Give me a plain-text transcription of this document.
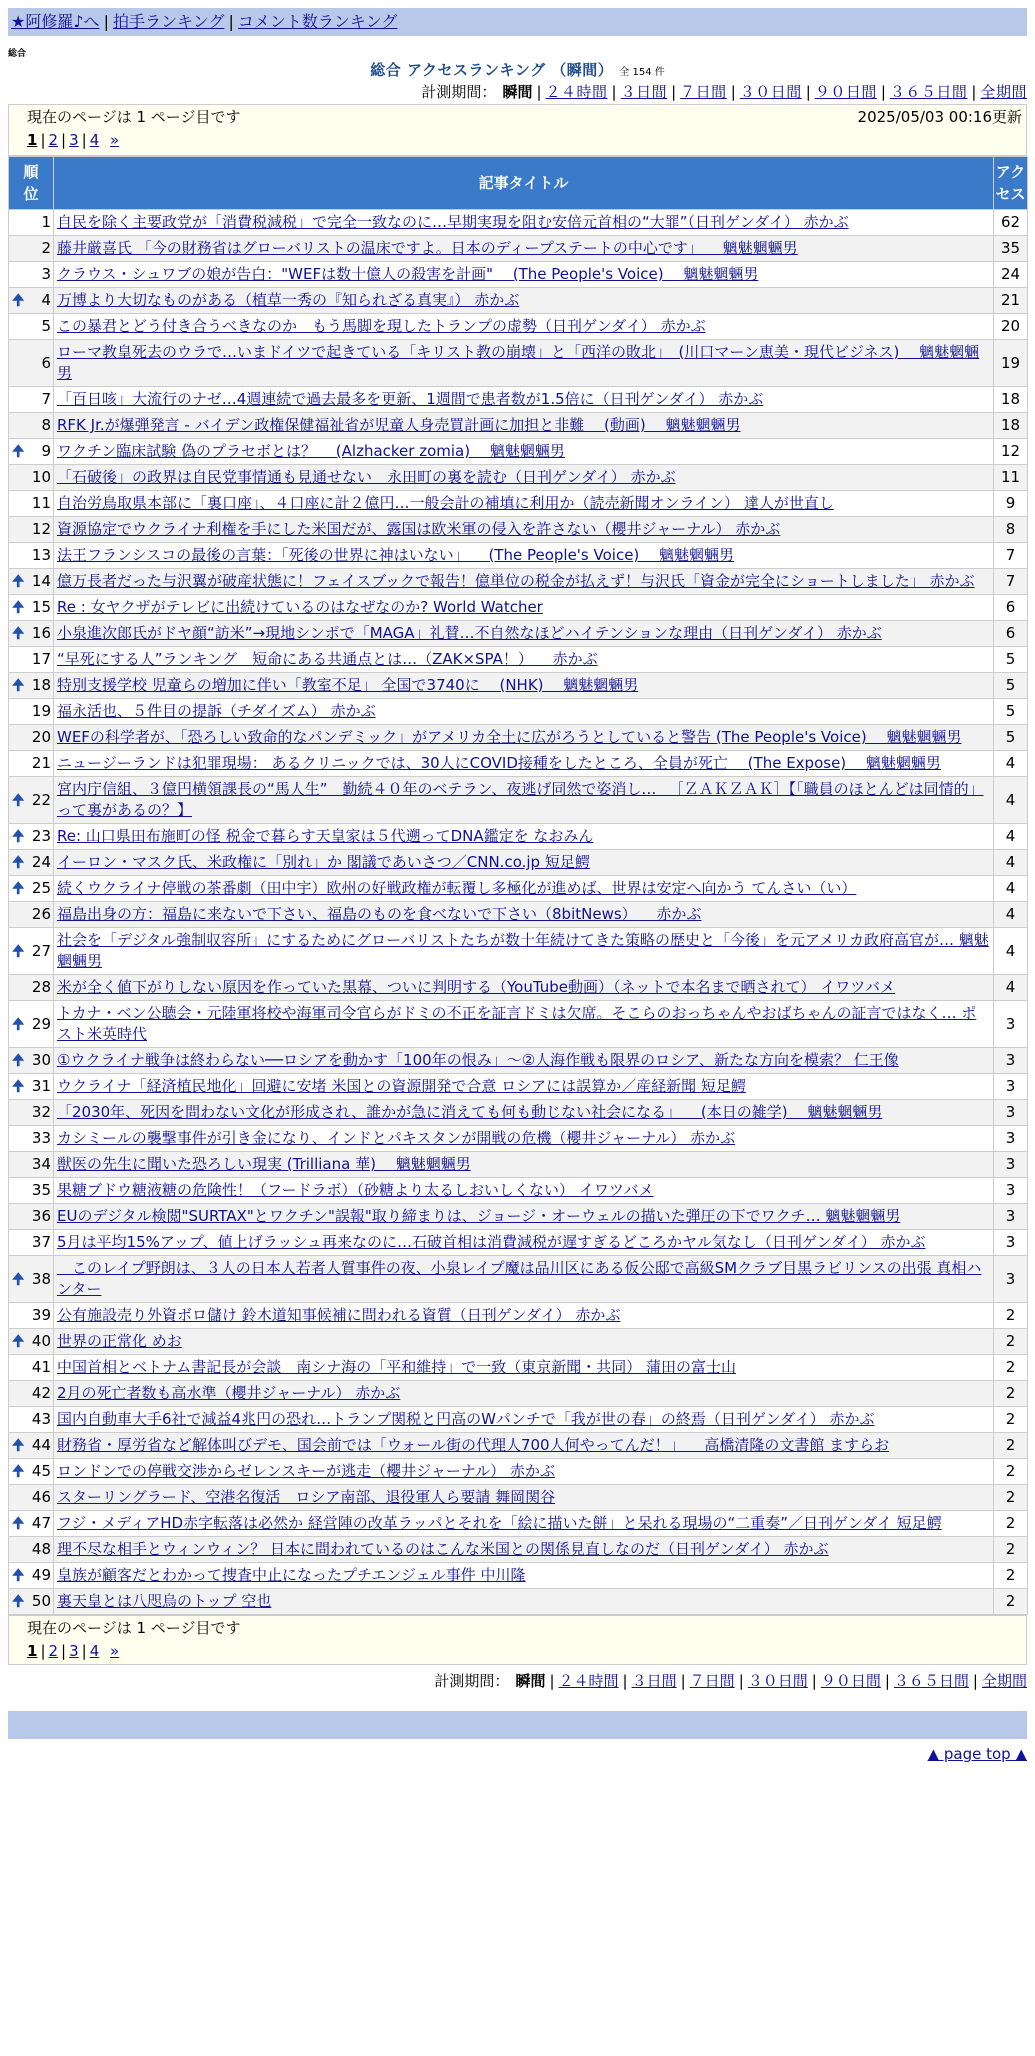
★阿修羅♪へ | 拍手ランキング | コメント数ランキング
総合
総合 アクセスランキング （瞬間） 全 154 件
計測期間： 瞬間 | ２４時間 | ３日間 | ７日間 | ３０日間 | ９０日間 | ３６５日間 | 全期間
現在のページは 1 ページ目です	2025/05/03 00:16更新
1 | 2 | 3 | 4 »
順位	記事タイトル	アクセス
1	自民を除く主要政党が「消費税減税」で完全一致なのに…早期実現を阻む安倍元首相の“大罪”（日刊ゲンダイ） 赤かぶ	62
2	藤井厳喜氏 「今の財務省はグローバリストの温床ですよ。日本のディープステートの中心です」 　魑魅魍魎男	35
3	クラウス・シュワブの娘が告白："WEFは数十億人の殺害を計画" 　(The People's Voice) 　魑魅魍魎男	24

🠉 4	万博より大切なものがある（植草一秀の『知られざる真実』） 赤かぶ	21
5	この暴君とどう付き合うべきなのか　もう馬脚を現したトランプの虚勢（日刊ゲンダイ） 赤かぶ	20
6	ローマ教皇死去のウラで…いまドイツで起きている「キリスト教の崩壊」と「西洋の敗北」　(川口マーン恵美・現代ビジネス) 　魑魅魍魎男	19
7	「百日咳」大流行のナゼ…4週連続で過去最多を更新、1週間で患者数が1.5倍に（日刊ゲンダイ） 赤かぶ	18
8	RFK Jr.が爆弾発言 - バイデン政権保健福祉省が児童人身売買計画に加担と非難 　(動画) 　魑魅魍魎男	18

🠉 9	ワクチン臨床試験 偽のプラセボとは？ 　(Alzhacker zomia) 　魑魅魍魎男	12
10	「石破後」の政界は自民党事情通も見通せない　永田町の裏を読む（日刊ゲンダイ） 赤かぶ	11
11	自治労鳥取県本部に「裏口座」、４口座に計２億円…一般会計の補填に利用か（読売新聞オンライン） 達人が世直し	9
12	資源協定でウクライナ利権を手にした米国だが、露国は欧米軍の侵入を許さない（櫻井ジャーナル） 赤かぶ	8
13	法王フランシスコの最後の言葉：「死後の世界に神はいない」 　(The People's Voice) 　魑魅魍魎男	7

🠉 14	億万長者だった与沢翼が破産状態に！フェイスブックで報告！億単位の税金が払えず！与沢氏「資金が完全にショートしました」 赤かぶ	7

🠉 15	Re : 女ヤクザがテレビに出続けているのはなぜなのか? World Watcher	6

🠉 16	小泉進次郎氏がドヤ顔“訪米”→現地シンポで「MAGA」礼賛…不自然なほどハイテンションな理由（日刊ゲンダイ） 赤かぶ	6
17	“早死にする人”ランキング　短命にある共通点とは…（ZAK×SPA！） 　赤かぶ	5

🠉 18	特別支援学校 児童らの増加に伴い「教室不足」 全国で3740に 　(NHK) 　魑魅魍魎男	5
19	福永活也、５件目の提訴（チダイズム） 赤かぶ	5
20	WEFの科学者が、「恐ろしい致命的なパンデミック」がアメリカ全土に広がろうとしていると警告 (The People's Voice) 　魑魅魍魎男	5
21	ニュージーランドは犯罪現場： あるクリニックでは、30人にCOVID接種をしたところ、全員が死亡 　(The Expose) 　魑魅魍魎男	4

🠉 22	宮内庁信組、３億円横領課長の“馬人生”　勤続４０年のベテラン、夜逃げ同然で姿消し… 　［ＺＡＫＺＡＫ］【「職員のほとんどは同情的」って裏があるの？】	4

🠉 23	Re: 山口県田布施町の怪 税金で暮らす天皇家は５代遡ってDNA鑑定を なおみん	4

🠉 24	イーロン・マスク氏、米政権に「別れ」か 閣議であいさつ／CNN.co.jp 短足鰐	4

🠉 25	続くウクライナ停戦の茶番劇（田中宇）欧州の好戦政権が転覆し多極化が進めば、世界は安定へ向かう てんさい（い）	4
26	福島出身の方：福島に来ないで下さい、福島のものを食べないで下さい（8bitNews） 　赤かぶ	4

🠉 27	社会を「デジタル強制収容所」にするためにグローバリストたちが数十年続けてきた策略の歴史と「今後」を元アメリカ政府高官が… 魑魅魍魎男	4
28	米が全く値下がりしない原因を作っていた黒幕、ついに判明する（YouTube動画）（ネットで本名まで晒されて） イワツバメ	4

🠉 29	トカナ・ベン公聴会・元陸軍将校や海軍司令官らがドミの不正を証言ドミは欠席。そこらのおっちゃんやおばちゃんの証言ではなく… ポスト米英時代	3

🠉 30	①ウクライナ戦争は終わらない──ロシアを動かす「100年の恨み」～②人海作戦も限界のロシア、新たな方向を模索？ 仁王像	3

🠉 31	ウクライナ「経済植民地化」回避に安堵 米国との資源開発で合意 ロシアには誤算か／産経新聞 短足鰐	3
32	「2030年、死因を問わない文化が形成され、誰かが急に消えても何も動じない社会になる」 　(本日の雑学) 　魑魅魍魎男	3
33	カシミールの襲撃事件が引き金になり、インドとパキスタンが開戦の危機（櫻井ジャーナル） 赤かぶ	3
34	獣医の先生に聞いた恐ろしい現実 (Trilliana 華) 　魑魅魍魎男	3
35	果糖ブドウ糖液糖の危険性！（フードラボ）（砂糖より太るしおいしくない） イワツバメ	3
36	EUのデジタル検閲"SURTAX"とワクチン"誤報"取り締まりは、ジョージ・オーウェルの描いた弾圧の下でワクチ… 魑魅魍魎男	3
37	5月は平均15%アップ、値上げラッシュ再来なのに…石破首相は消費減税が遅すぎるどころかヤル気なし（日刊ゲンダイ） 赤かぶ	3

🠉 38	　このレイプ野朗は、３人の日本人若者人質事件の夜、小泉レイプ魔は品川区にある仮公邸で高級SMクラブ目黒ラビリンスの出張 真相ハンター	3
39	公有施設売り外資ボロ儲け 鈴木道知事候補に問われる資質（日刊ゲンダイ） 赤かぶ	2

🠉 40	世界の正常化 めお	2
41	中国首相とベトナム書記長が会談　南シナ海の「平和維持」で一致（東京新聞・共同） 蒲田の富士山	2
42	2月の死亡者数も高水準（櫻井ジャーナル） 赤かぶ	2
43	国内自動車大手6社で減益4兆円の恐れ…トランプ関税と円高のWパンチで「我が世の春」の終焉（日刊ゲンダイ） 赤かぶ	2

🠉 44	財務省・厚労省など解体叫びデモ、国会前では「ウォール街の代理人700人何やってんだ！」 　高橋清隆の文書館 ますらお	2

🠉 45	ロンドンでの停戦交渉からゼレンスキーが逃走（櫻井ジャーナル） 赤かぶ	2
46	スターリングラード、空港名復活　ロシア南部、退役軍人ら要請 舞岡関谷	2

🠉 47	フジ・メディアHD赤字転落は必然か 経営陣の改革ラッパとそれを「絵に描いた餅」と呆れる現場の“二重奏”／日刊ゲンダイ 短足鰐	2
48	理不尽な相手とウィンウィン？ 日本に問われているのはこんな米国との関係見直しなのだ（日刊ゲンダイ） 赤かぶ	2

🠉 49	皇族が顧客だとわかって捜査中止になったプチエンジェル事件 中川隆	2

🠉 50	裏天皇とは八咫烏のトップ 空也	2
現在のページは 1 ページ目です
1 | 2 | 3 | 4 »
計測期間： 瞬間 | ２４時間 | ３日間 | ７日間 | ３０日間 | ９０日間 | ３６５日間 | 全期間
▲ page top ▲
